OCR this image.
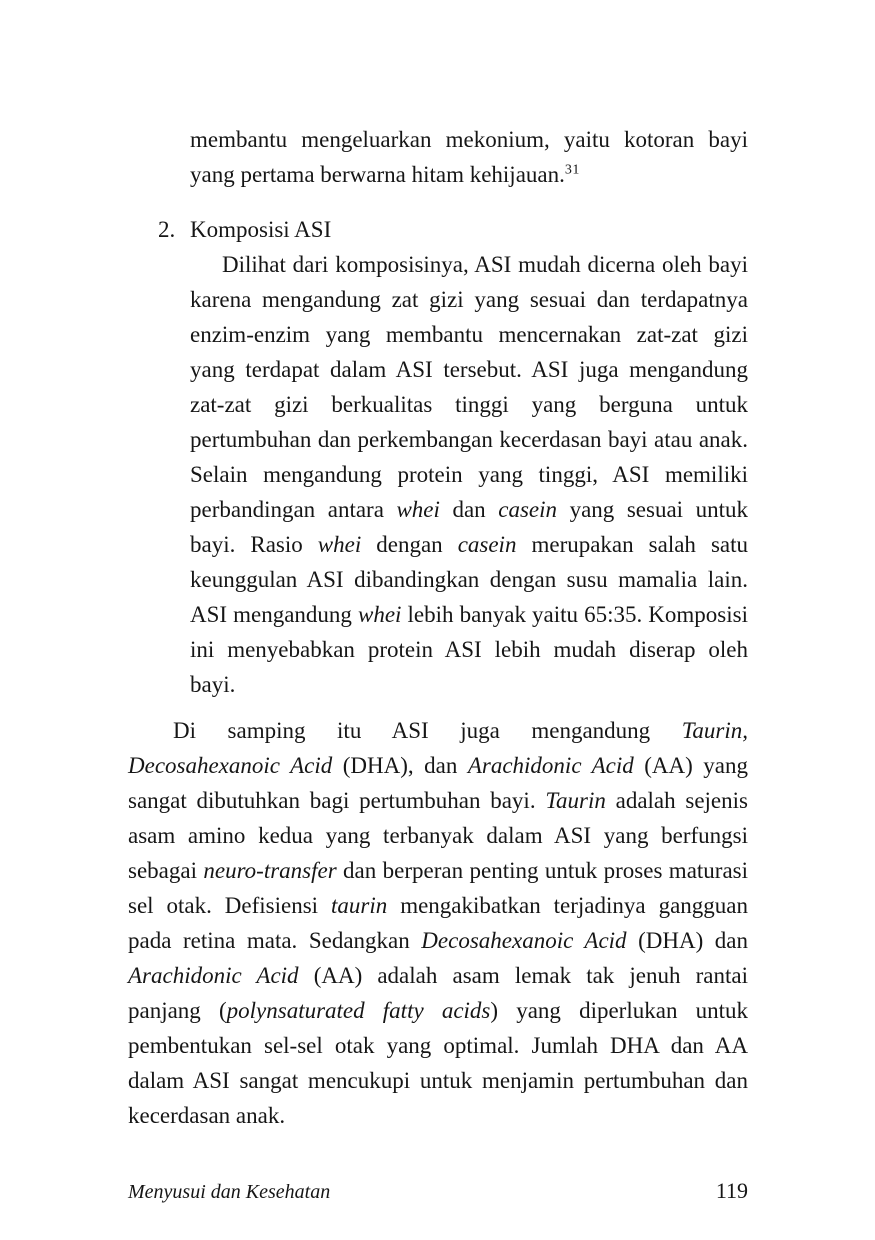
membantu mengeluarkan mekonium, yaitu kotoran bayi yang pertama berwarna hitam kehijauan.$^{31}$

2. Komposisi ASI

Dilihat dari komposisinya, ASI mudah dicerna oleh bayi karena mengandung zat gizi yang sesuai dan terdapatnya enzim-enzim yang membantu mencernakan zat-zat gizi yang terdapat dalam ASI tersebut. ASI juga mengandung zat-zat gizi berkualitas tinggi yang berguna untuk pertumbuhan dan perkembangan kecerdasan bayi atau anak. Selain mengandung protein yang tinggi, ASI memiliki perbandingan antara whei dan casein yang sesuai untuk bayi. Rasio whei dengan casein merupakan salah satu keunggulan ASI dibandingkan dengan susu mamalia lain. ASI mengandung whei lebih banyak yaitu 65:35. Komposisi ini menyebabkan protein ASI lebih mudah diserap oleh bayi.

Di samping itu ASI juga mengandung Taurin, Decosahexanoic Acid (DHA), dan Arachidonic Acid (AA) yang sangat dibutuhkan bagi pertumbuhan bayi. Taurin adalah sejenis asam amino kedua yang terbanyak dalam ASI yang berfungsi sebagai neuro-transfer dan berperan penting untuk proses maturasi sel otak. Defisiensi taurin mengakibatkan terjadinya gangguan pada retina mata. Sedangkan Decosahexanoic Acid (DHA) dan Arachidonic Acid (AA) adalah asam lemak tak jenuh rantai panjang (polynsaturated fatty acids) yang diperlukan untuk pembentukan sel-sel otak yang optimal. Jumlah DHA dan AA dalam ASI sangat mencukupi untuk menjamin pertumbuhan dan kecerdasan anak.

Menyusui dan Kesehatan	119
